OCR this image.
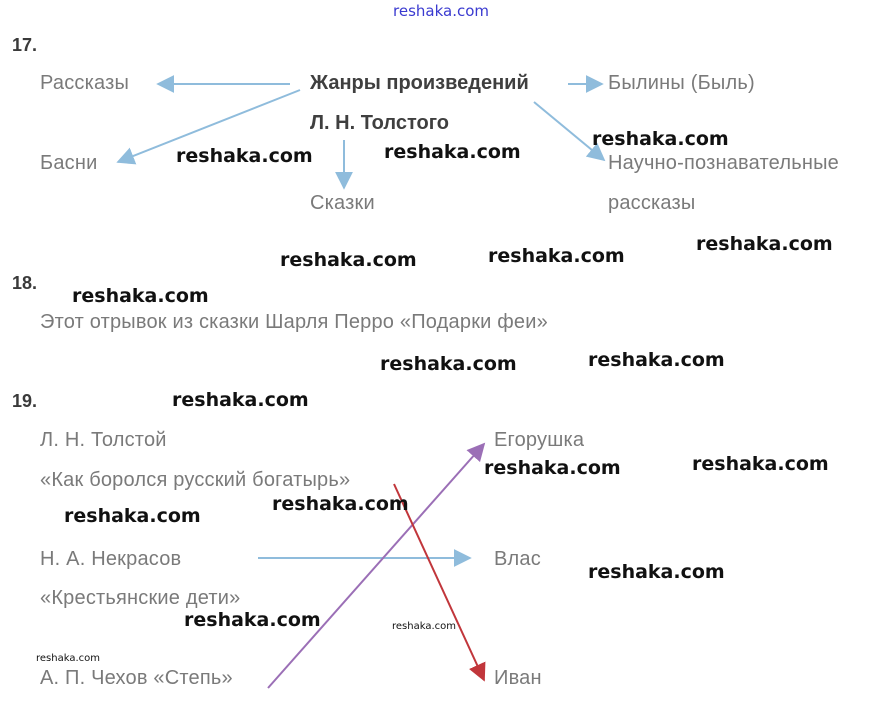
reshaka.com
17.
Жанры произведений
Л. Н. Толстого
Рассказы
Басни
Былины (Быль)
Научно-познавательные
рассказы
Сказки
18.
Этот отрывок из сказки Шарля Перро «Подарки феи»
19.
Л. Н. Толстой
«Как боролся русский богатырь»
Н. А. Некрасов
«Крестьянские дети»
А. П. Чехов «Степь»
Егорушка
Влас
Иван
reshaka.com	reshaka.com
reshaka.com
reshaka.com
reshaka.com
reshaka.com
reshaka.com
reshaka.com
reshaka.com
reshaka.com
reshaka.com
reshaka.com
reshaka.com
reshaka.com
reshaka.com
reshaka.com	reshaka.com
reshaka.com
